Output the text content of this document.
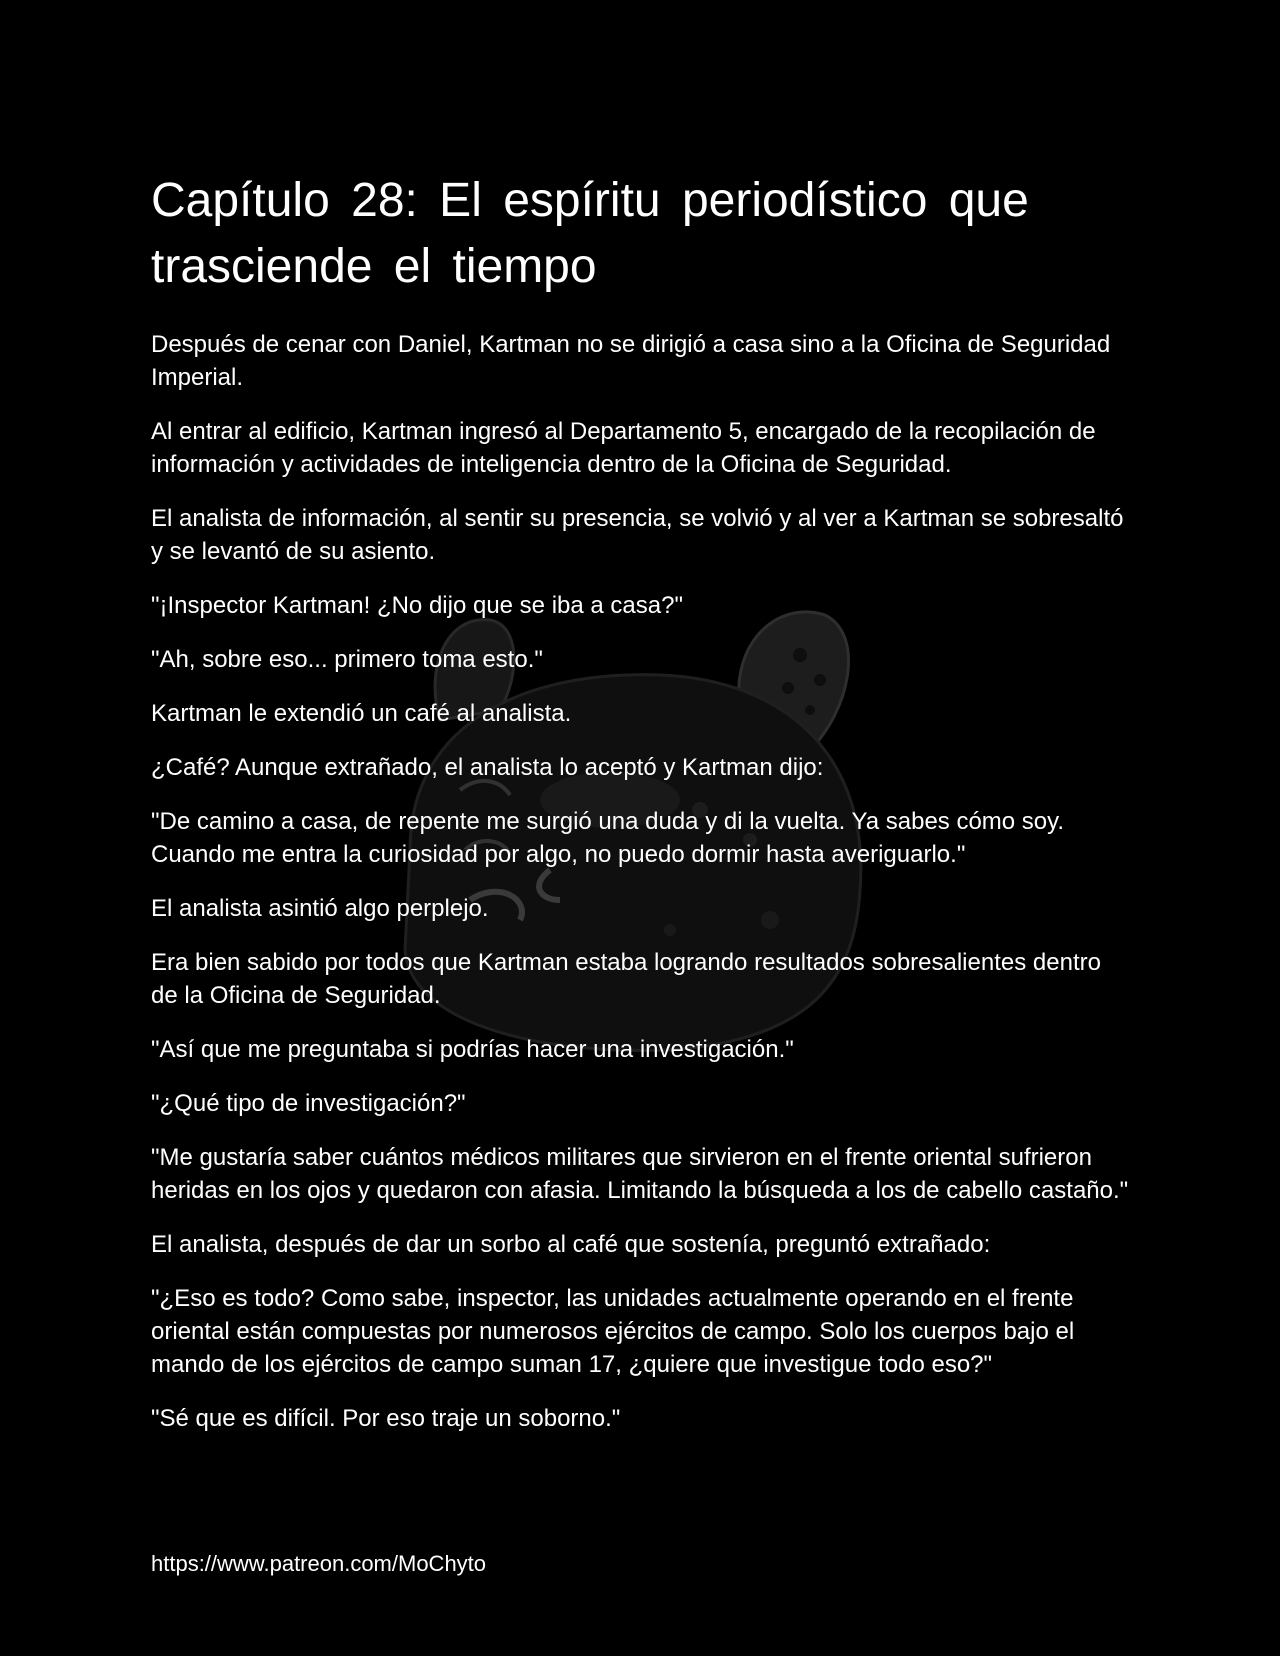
Capítulo 28: El espíritu periodístico que
trasciende el tiempo

Después de cenar con Daniel, Kartman no se dirigió a casa sino a la Oficina de Seguridad Imperial.

Al entrar al edificio, Kartman ingresó al Departamento 5, encargado de la recopilación de información y actividades de inteligencia dentro de la Oficina de Seguridad.

El analista de información, al sentir su presencia, se volvió y al ver a Kartman se sobresaltó y se levantó de su asiento.

"¡Inspector Kartman! ¿No dijo que se iba a casa?"

"Ah, sobre eso... primero toma esto."

Kartman le extendió un café al analista.

¿Café? Aunque extrañado, el analista lo aceptó y Kartman dijo:

"De camino a casa, de repente me surgió una duda y di la vuelta. Ya sabes cómo soy. Cuando me entra la curiosidad por algo, no puedo dormir hasta averiguarlo."

El analista asintió algo perplejo.

Era bien sabido por todos que Kartman estaba logrando resultados sobresalientes dentro de la Oficina de Seguridad.

"Así que me preguntaba si podrías hacer una investigación."

"¿Qué tipo de investigación?"

"Me gustaría saber cuántos médicos militares que sirvieron en el frente oriental sufrieron heridas en los ojos y quedaron con afasia. Limitando la búsqueda a los de cabello castaño."

El analista, después de dar un sorbo al café que sostenía, preguntó extrañado:

"¿Eso es todo? Como sabe, inspector, las unidades actualmente operando en el frente oriental están compuestas por numerosos ejércitos de campo. Solo los cuerpos bajo el mando de los ejércitos de campo suman 17, ¿quiere que investigue todo eso?"

"Sé que es difícil. Por eso traje un soborno."

https://www.patreon.com/MoChyto
